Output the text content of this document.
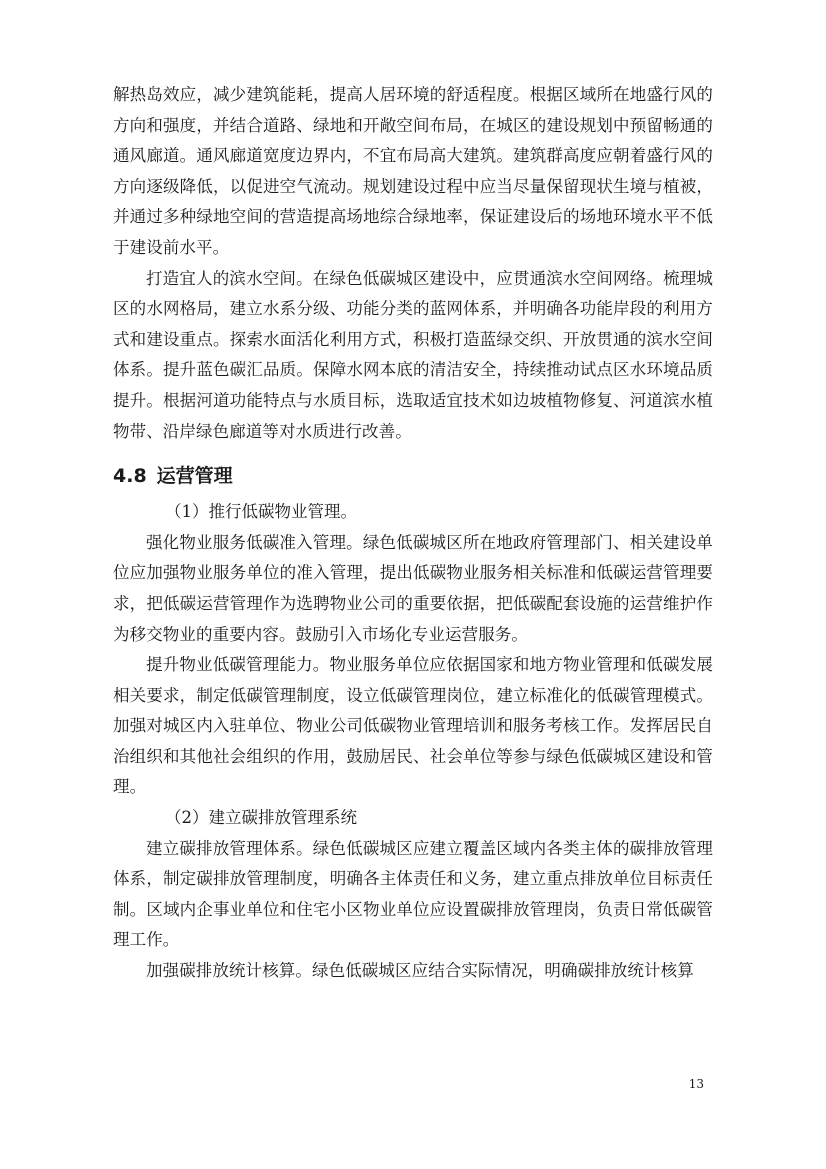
解热岛效应，减少建筑能耗，提高人居环境的舒适程度。根据区域所在地盛行风的方向和强度，并结合道路、绿地和开敞空间布局，在城区的建设规划中预留畅通的通风廊道。通风廊道宽度边界内，不宜布局高大建筑。建筑群高度应朝着盛行风的方向逐级降低，以促进空气流动。规划建设过程中应当尽量保留现状生境与植被，并通过多种绿地空间的营造提高场地综合绿地率，保证建设后的场地环境水平不低于建设前水平。

打造宜人的滨水空间。在绿色低碳城区建设中，应贯通滨水空间网络。梳理城区的水网格局，建立水系分级、功能分类的蓝网体系，并明确各功能岸段的利用方式和建设重点。探索水面活化利用方式，积极打造蓝绿交织、开放贯通的滨水空间体系。提升蓝色碳汇品质。保障水网本底的清洁安全，持续推动试点区水环境品质提升。根据河道功能特点与水质目标，选取适宜技术如边坡植物修复、河道滨水植物带、沿岸绿色廊道等对水质进行改善。

4.8 运营管理

（1）推行低碳物业管理。

强化物业服务低碳准入管理。绿色低碳城区所在地政府管理部门、相关建设单位应加强物业服务单位的准入管理，提出低碳物业服务相关标准和低碳运营管理要求，把低碳运营管理作为选聘物业公司的重要依据，把低碳配套设施的运营维护作为移交物业的重要内容。鼓励引入市场化专业运营服务。

提升物业低碳管理能力。物业服务单位应依据国家和地方物业管理和低碳发展相关要求，制定低碳管理制度，设立低碳管理岗位，建立标准化的低碳管理模式。加强对城区内入驻单位、物业公司低碳物业管理培训和服务考核工作。发挥居民自治组织和其他社会组织的作用，鼓励居民、社会单位等参与绿色低碳城区建设和管理。

（2）建立碳排放管理系统

建立碳排放管理体系。绿色低碳城区应建立覆盖区域内各类主体的碳排放管理体系，制定碳排放管理制度，明确各主体责任和义务，建立重点排放单位目标责任制。区域内企事业单位和住宅小区物业单位应设置碳排放管理岗，负责日常低碳管理工作。

加强碳排放统计核算。绿色低碳城区应结合实际情况，明确碳排放统计核算

13
